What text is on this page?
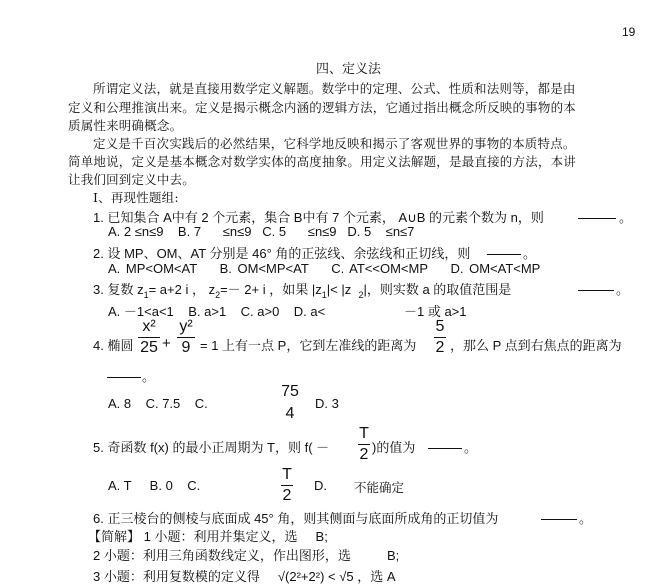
19
四、定义法
所谓定义法，就是直接用数学定义解题。数学中的定理、公式、性质和法则等，都是由
定义和公理推演出来。定义是揭示概念内涵的逻辑方法，它通过指出概念所反映的事物的本
质属性来明确概念。
定义是千百次实践后的必然结果，它科学地反映和揭示了客观世界的事物的本质特点。
简单地说，定义是基本概念对数学实体的高度抽象。用定义法解题，是最直接的方法，本讲
让我们回到定义中去。
Ⅰ、再现性题组:
1. 已知集合 A中有 2 个元素，集合 B中有 7 个元素， A∪B 的元素个数为 n，则	。
A. 2 ≤n≤9 B. 7      ≤n≤9 C. 5      ≤n≤9 D. 5    ≤n≤7
2. 设 MP、OM、AT 分别是 46° 角的正弦线、余弦线和正切线，则	。
A. MP<OM<AT B. OM<MP<AT C. AT<<OM<MP D. OM<AT<MP
3. 复数 $z_1= a+2$ i ， $z_2=- 2+ i$ ，如果 $|z_1|< |z$ $_2$|，则实数 a 的取值范围是	。
A. －1<a<1 B. a>1 C. a>0 D. a<	－1 或 a>1
4. 椭圆
x²
25 +
y²
9 = 1 上有一点 P，它到左准线的距离为
5
2 ，那么 P 点到右焦点的距离为
。
A. 8 C. 7.5 C.
75
4
D. 3
5. 奇函数 f(x) 的最小正周期为 T，则 f( －
T
2 )的值为	。
A. T B. 0 C.
T
2
D. 不能确定
6. 正三棱台的侧棱与底面成 45° 角，则其侧面与底面所成角的正切值为	。
【简解】 1 小题：利用并集定义，选     B;
2 小题：利用三角函数线定义，作出图形，选          B;
3 小题：利用复数模的定义得 √(2²+2²) < √5 ，选 A
